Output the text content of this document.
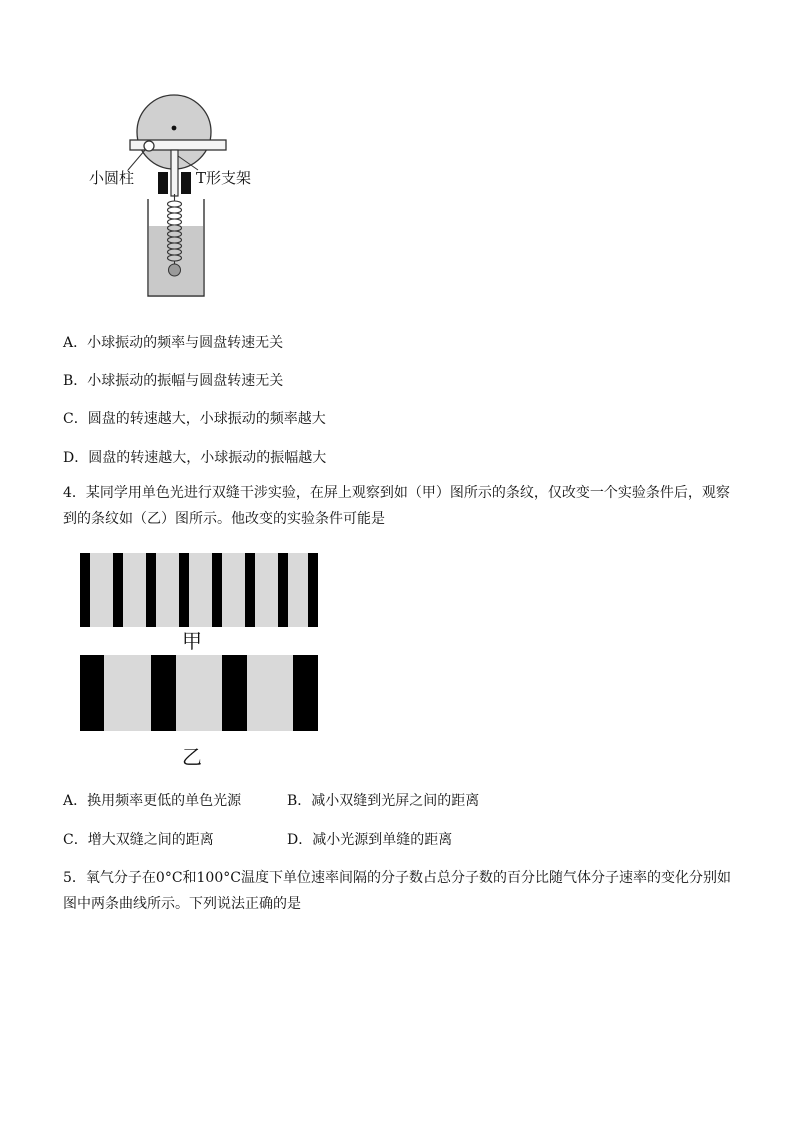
小圆柱	T形支架
A．小球振动的频率与圆盘转速无关
B．小球振动的振幅与圆盘转速无关
C．圆盘的转速越大，小球振动的频率越大
D．圆盘的转速越大，小球振动的振幅越大
4．某同学用单色光进行双缝干涉实验，在屏上观察到如（甲）图所示的条纹，仅改变一个实验条件后，观察到的条纹如（乙）图所示。他改变的实验条件可能是
甲
乙
A．换用频率更低的单色光源	B．减小双缝到光屏之间的距离
C．增大双缝之间的距离	D．减小光源到单缝的距离
5．氧气分子在0°C和100°C温度下单位速率间隔的分子数占总分子数的百分比随气体分子速率的变化分别如图中两条曲线所示。下列说法正确的是
